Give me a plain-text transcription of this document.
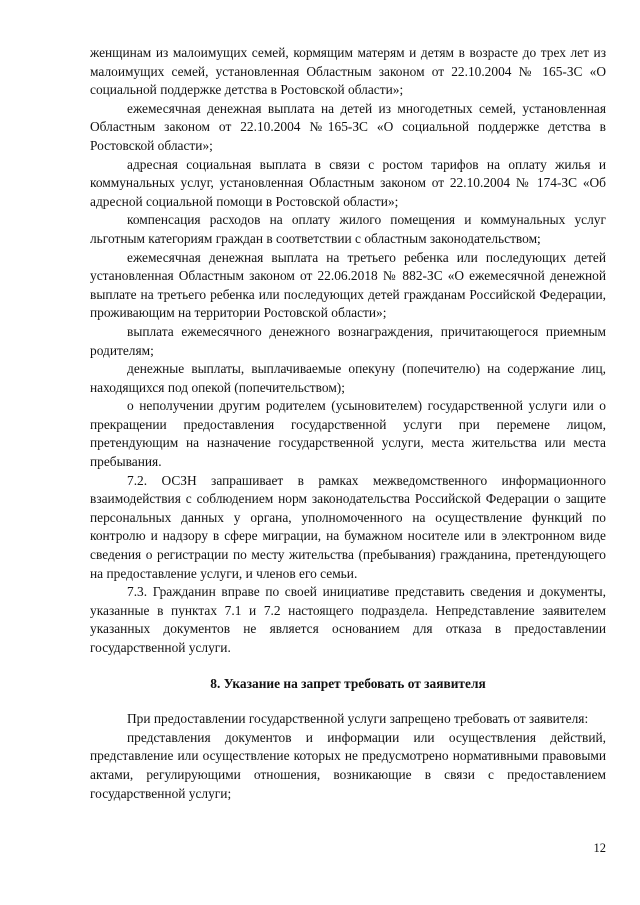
женщинам из малоимущих семей, кормящим матерям и детям в возрасте до трех лет из малоимущих семей, установленная Областным законом от 22.10.2004 № 165-ЗС «О социальной поддержке детства в Ростовской области»;

ежемесячная денежная выплата на детей из многодетных семей, установленная Областным законом от 22.10.2004 №165-ЗС «О социальной поддержке детства в Ростовской области»;

адресная социальная выплата в связи с ростом тарифов на оплату жилья и коммунальных услуг, установленная Областным законом от 22.10.2004 № 174-ЗС «Об адресной социальной помощи в Ростовской области»;

компенсация расходов на оплату жилого помещения и коммунальных услуг льготным категориям граждан в соответствии с областным законодательством;

ежемесячная денежная выплата на третьего ребенка или последующих детей установленная Областным законом от 22.06.2018 № 882-ЗС «О ежемесячной денежной выплате на третьего ребенка или последующих детей гражданам Российской Федерации, проживающим на территории Ростовской области»;

выплата ежемесячного денежного вознаграждения, причитающегося приемным родителям;

денежные выплаты, выплачиваемые опекуну (попечителю) на содержание лиц, находящихся под опекой (попечительством);

о неполучении другим родителем (усыновителем) государственной услуги или о прекращении предоставления государственной услуги при перемене лицом, претендующим на назначение государственной услуги, места жительства или места пребывания.

7.2. ОСЗН запрашивает в рамках межведомственного информационного взаимодействия с соблюдением норм законодательства Российской Федерации о защите персональных данных у органа, уполномоченного на осуществление функций по контролю и надзору в сфере миграции, на бумажном носителе или в электронном виде сведения о регистрации по месту жительства (пребывания) гражданина, претендующего на предоставление услуги, и членов его семьи.

7.3. Гражданин вправе по своей инициативе представить сведения и документы, указанные в пунктах 7.1 и 7.2 настоящего подраздела. Непредставление заявителем указанных документов не является основанием для отказа в предоставлении государственной услуги.

8. Указание на запрет требовать от заявителя

При предоставлении государственной услуги запрещено требовать от заявителя:

представления документов и информации или осуществления действий, представление или осуществление которых не предусмотрено нормативными правовыми актами, регулирующими отношения, возникающие в связи с предоставлением государственной услуги;

12
